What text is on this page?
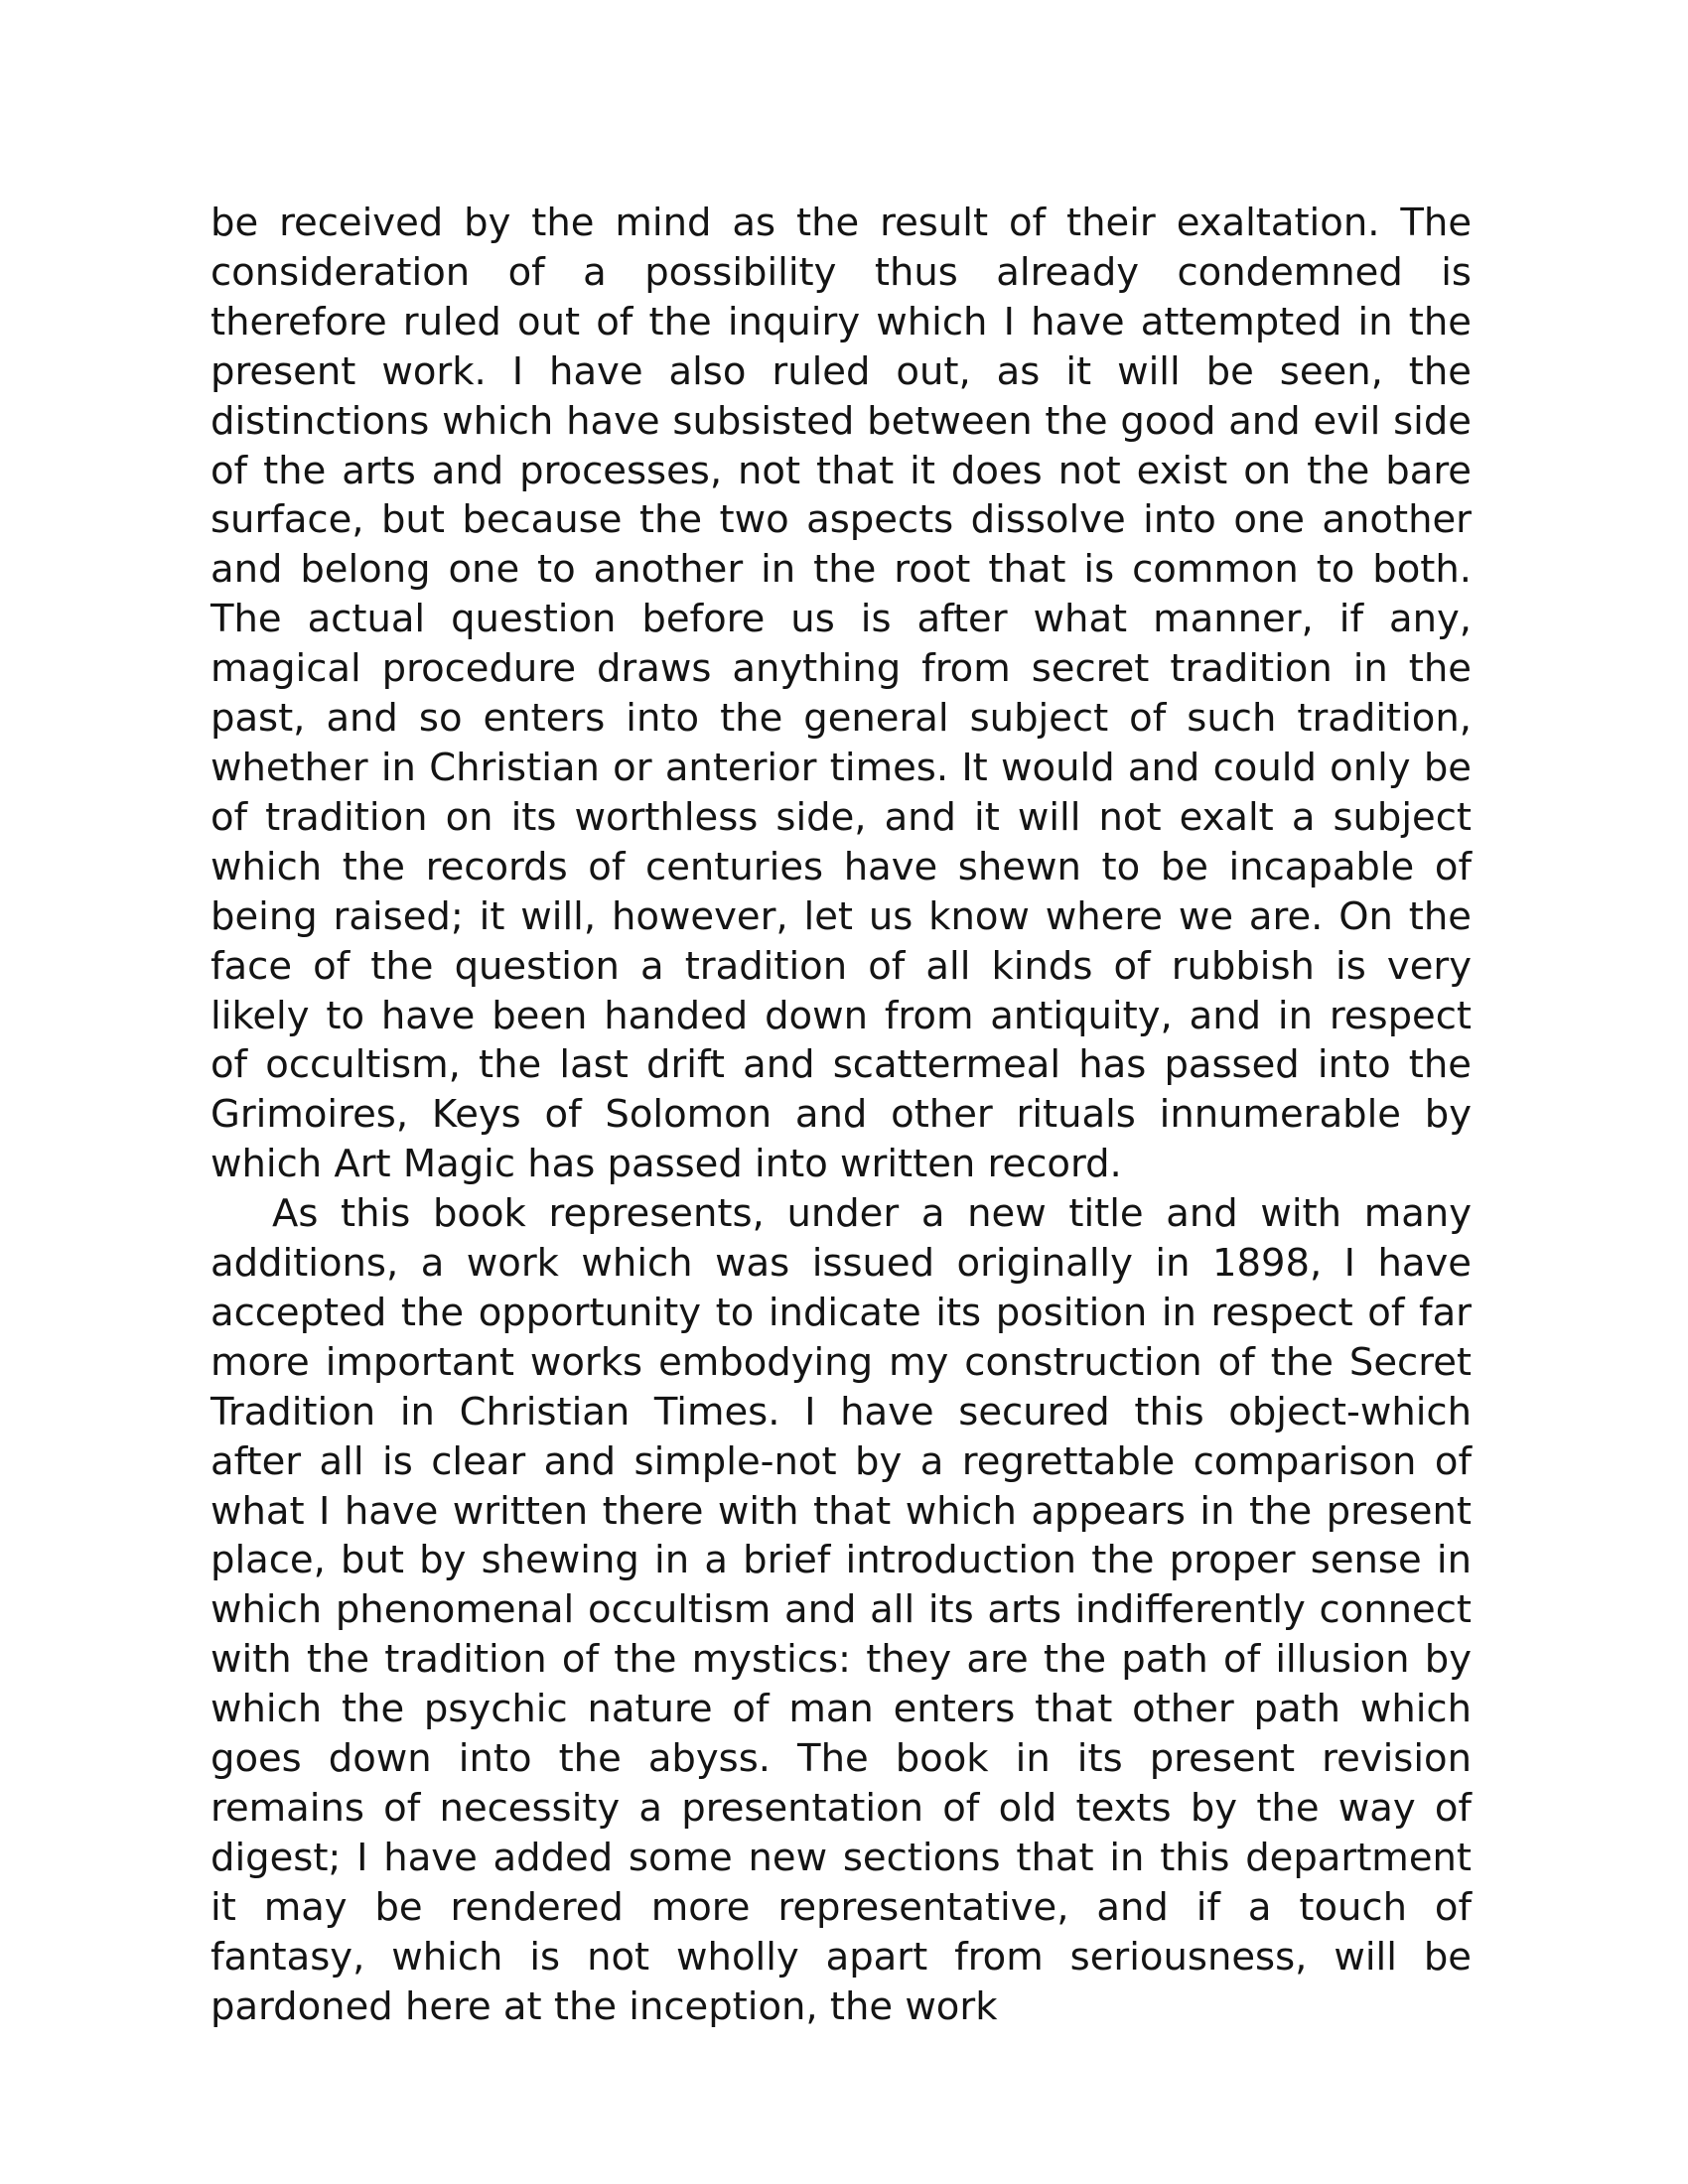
be received by the mind as the result of their exaltation. The consideration of a possibility thus already condemned is therefore ruled out of the inquiry which I have attempted in the present work. I have also ruled out, as it will be seen, the distinctions which have subsisted between the good and evil side of the arts and processes, not that it does not exist on the bare surface, but because the two aspects dissolve into one another and belong one to another in the root that is common to both. The actual question before us is after what manner, if any, magical procedure draws anything from secret tradition in the past, and so enters into the general subject of such tradition, whether in Christian or anterior times. It would and could only be of tradition on its worthless side, and it will not exalt a subject which the records of centuries have shewn to be incapable of being raised; it will, however, let us know where we are. On the face of the question a tradition of all kinds of rubbish is very likely to have been handed down from antiquity, and in respect of occultism, the last drift and scattermeal has passed into the Grimoires, Keys of Solomon and other rituals innumerable by which Art Magic has passed into written record.

As this book represents, under a new title and with many additions, a work which was issued originally in 1898, I have accepted the opportunity to indicate its position in respect of far more important works embodying my construction of the Secret Tradition in Christian Times. I have secured this object-which after all is clear and simple-not by a regrettable comparison of what I have written there with that which appears in the present place, but by shewing in a brief introduction the proper sense in which phenomenal occultism and all its arts indifferently connect with the tradition of the mystics: they are the path of illusion by which the psychic nature of man enters that other path which goes down into the abyss. The book in its present revision remains of necessity a presentation of old texts by the way of digest; I have added some new sections that in this department it may be rendered more representative, and if a touch of fantasy, which is not wholly apart from seriousness, will be pardoned here at the inception, the work
